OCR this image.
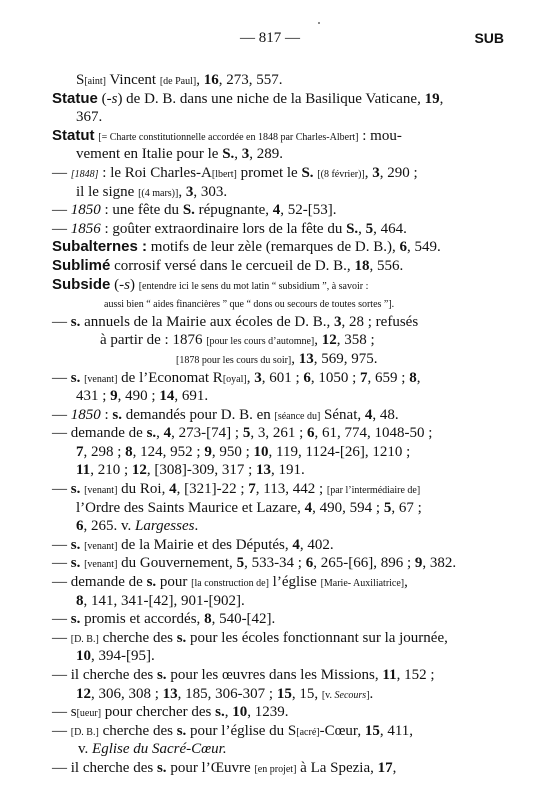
— 817 —	SUB
S[aint] Vincent [de Paul], 16, 273, 557.
Statue (-s) de D. B. dans une niche de la Basilique Vaticane, 19,
367.
Statut [= Charte constitutionnelle accordée en 1848 par Charles-Albert] : mou-
vement en Italie pour le S., 3, 289.
— [1848] : le Roi Charles-A[lbert] promet le S. [(8 février)], 3, 290 ;
il le signe [(4 mars)], 3, 303.
— 1850 : une fête du S. répugnante, 4, 52-[53].
— 1856 : goûter extraordinaire lors de la fête du S., 5, 464.
Subalternes : motifs de leur zèle (remarques de D. B.), 6, 549.
Sublimé corrosif versé dans le cercueil de D. B., 18, 556.
Subside (-s) [entendre ici le sens du mot latin “ subsidium ”, à savoir :
aussi bien “ aides financières ” que “ dons ou secours de toutes sortes ”].
— s. annuels de la Mairie aux écoles de D. B., 3, 28 ; refusés
à partir de : 1876 [pour les cours d’automne], 12, 358 ;
[1878 pour les cours du soir], 13, 569, 975.
— s. [venant] de l’Economat R[oyal], 3, 601 ; 6, 1050 ; 7, 659 ; 8,
431 ; 9, 490 ; 14, 691.
— 1850 : s. demandés pour D. B. en [séance du] Sénat, 4, 48.
— demande de s., 4, 273-[74] ; 5, 3, 261 ; 6, 61, 774, 1048-50 ;
7, 298 ; 8, 124, 952 ; 9, 950 ; 10, 119, 1124-[26], 1210 ;
11, 210 ; 12, [308]-309, 317 ; 13, 191.
— s. [venant] du Roi, 4, [321]-22 ; 7, 113, 442 ; [par l’intermédiaire de]
l’Ordre des Saints Maurice et Lazare, 4, 490, 594 ; 5, 67 ;
6, 265. v. Largesses.
— s. [venant] de la Mairie et des Députés, 4, 402.
— s. [venant] du Gouvernement, 5, 533-34 ; 6, 265-[66], 896 ; 9, 382.
— demande de s. pour [la construction de] l’église [Marie- Auxiliatrice],
8, 141, 341-[42], 901-[902].
— s. promis et accordés, 8, 540-[42].
— [D. B.] cherche des s. pour les écoles fonctionnant sur la journée,
10, 394-[95].
— il cherche des s. pour les œuvres dans les Missions, 11, 152 ;
12, 306, 308 ; 13, 185, 306-307 ; 15, 15, [v. Secours].
— s[ueur] pour chercher des s., 10, 1239.
— [D. B.] cherche des s. pour l’église du S[acré]-Cœur, 15, 411,
v. Eglise du Sacré-Cœur.
— il cherche des s. pour l’Œuvre [en projet] à La Spezia, 17,
